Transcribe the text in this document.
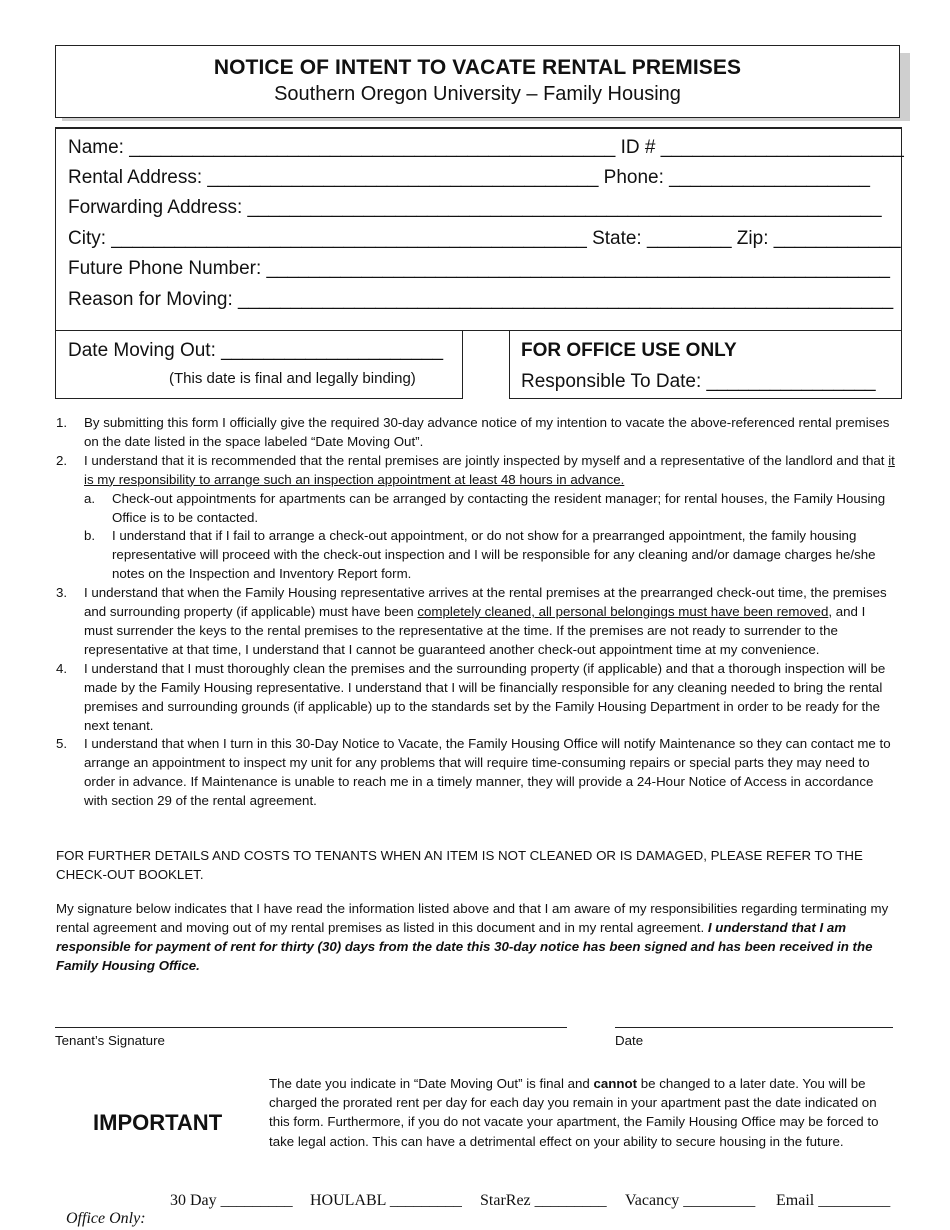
NOTICE OF INTENT TO VACATE RENTAL PREMISES
Southern Oregon University – Family Housing
Name: ______________________________________________ ID # _______________________
Rental Address: _____________________________________ Phone: ___________________
Forwarding Address: ____________________________________________________________
City: _____________________________________________ State: ________ Zip: ____________
Future Phone Number: ___________________________________________________________
Reason for Moving: ______________________________________________________________
Date Moving Out: _____________________
(This date is final and legally binding)
FOR OFFICE USE ONLY
Responsible To Date: ________________
1. By submitting this form I officially give the required 30-day advance notice of my intention to vacate the above-referenced rental premises on the date listed in the space labeled “Date Moving Out”.
2. I understand that it is recommended that the rental premises are jointly inspected by myself and a representative of the landlord and that it is my responsibility to arrange such an inspection appointment at least 48 hours in advance.
a. Check-out appointments for apartments can be arranged by contacting the resident manager; for rental houses, the Family Housing Office is to be contacted.
b. I understand that if I fail to arrange a check-out appointment, or do not show for a prearranged appointment, the family housing representative will proceed with the check-out inspection and I will be responsible for any cleaning and/or damage charges he/she notes on the Inspection and Inventory Report form.
3. I understand that when the Family Housing representative arrives at the rental premises at the prearranged check-out time, the premises and surrounding property (if applicable) must have been completely cleaned, all personal belongings must have been removed, and I must surrender the keys to the rental premises to the representative at the time. If the premises are not ready to surrender to the representative at that time, I understand that I cannot be guaranteed another check-out appointment time at my convenience.
4. I understand that I must thoroughly clean the premises and the surrounding property (if applicable) and that a thorough inspection will be made by the Family Housing representative. I understand that I will be financially responsible for any cleaning needed to bring the rental premises and surrounding grounds (if applicable) up to the standards set by the Family Housing Department in order to be ready for the next tenant.
5. I understand that when I turn in this 30-Day Notice to Vacate, the Family Housing Office will notify Maintenance so they can contact me to arrange an appointment to inspect my unit for any problems that will require time-consuming repairs or special parts they may need to order in advance. If Maintenance is unable to reach me in a timely manner, they will provide a 24-Hour Notice of Access in accordance with section 29 of the rental agreement.
FOR FURTHER DETAILS AND COSTS TO TENANTS WHEN AN ITEM IS NOT CLEANED OR IS DAMAGED, PLEASE REFER TO THE CHECK-OUT BOOKLET.
My signature below indicates that I have read the information listed above and that I am aware of my responsibilities regarding terminating my rental agreement and moving out of my rental premises as listed in this document and in my rental agreement. I understand that I am responsible for payment of rent for thirty (30) days from the date this 30-day notice has been signed and has been received in the Family Housing Office.
Tenant’s Signature	Date
IMPORTANT
The date you indicate in “Date Moving Out” is final and cannot be changed to a later date. You will be charged the prorated rent per day for each day you remain in your apartment past the date indicated on this form. Furthermore, if you do not vacate your apartment, the Family Housing Office may be forced to take legal action. This can have a detrimental effect on your ability to secure housing in the future.

Office Only:

30 Day _________ HOULABL _________ StarRez _________ Vacancy _________ Email _________
